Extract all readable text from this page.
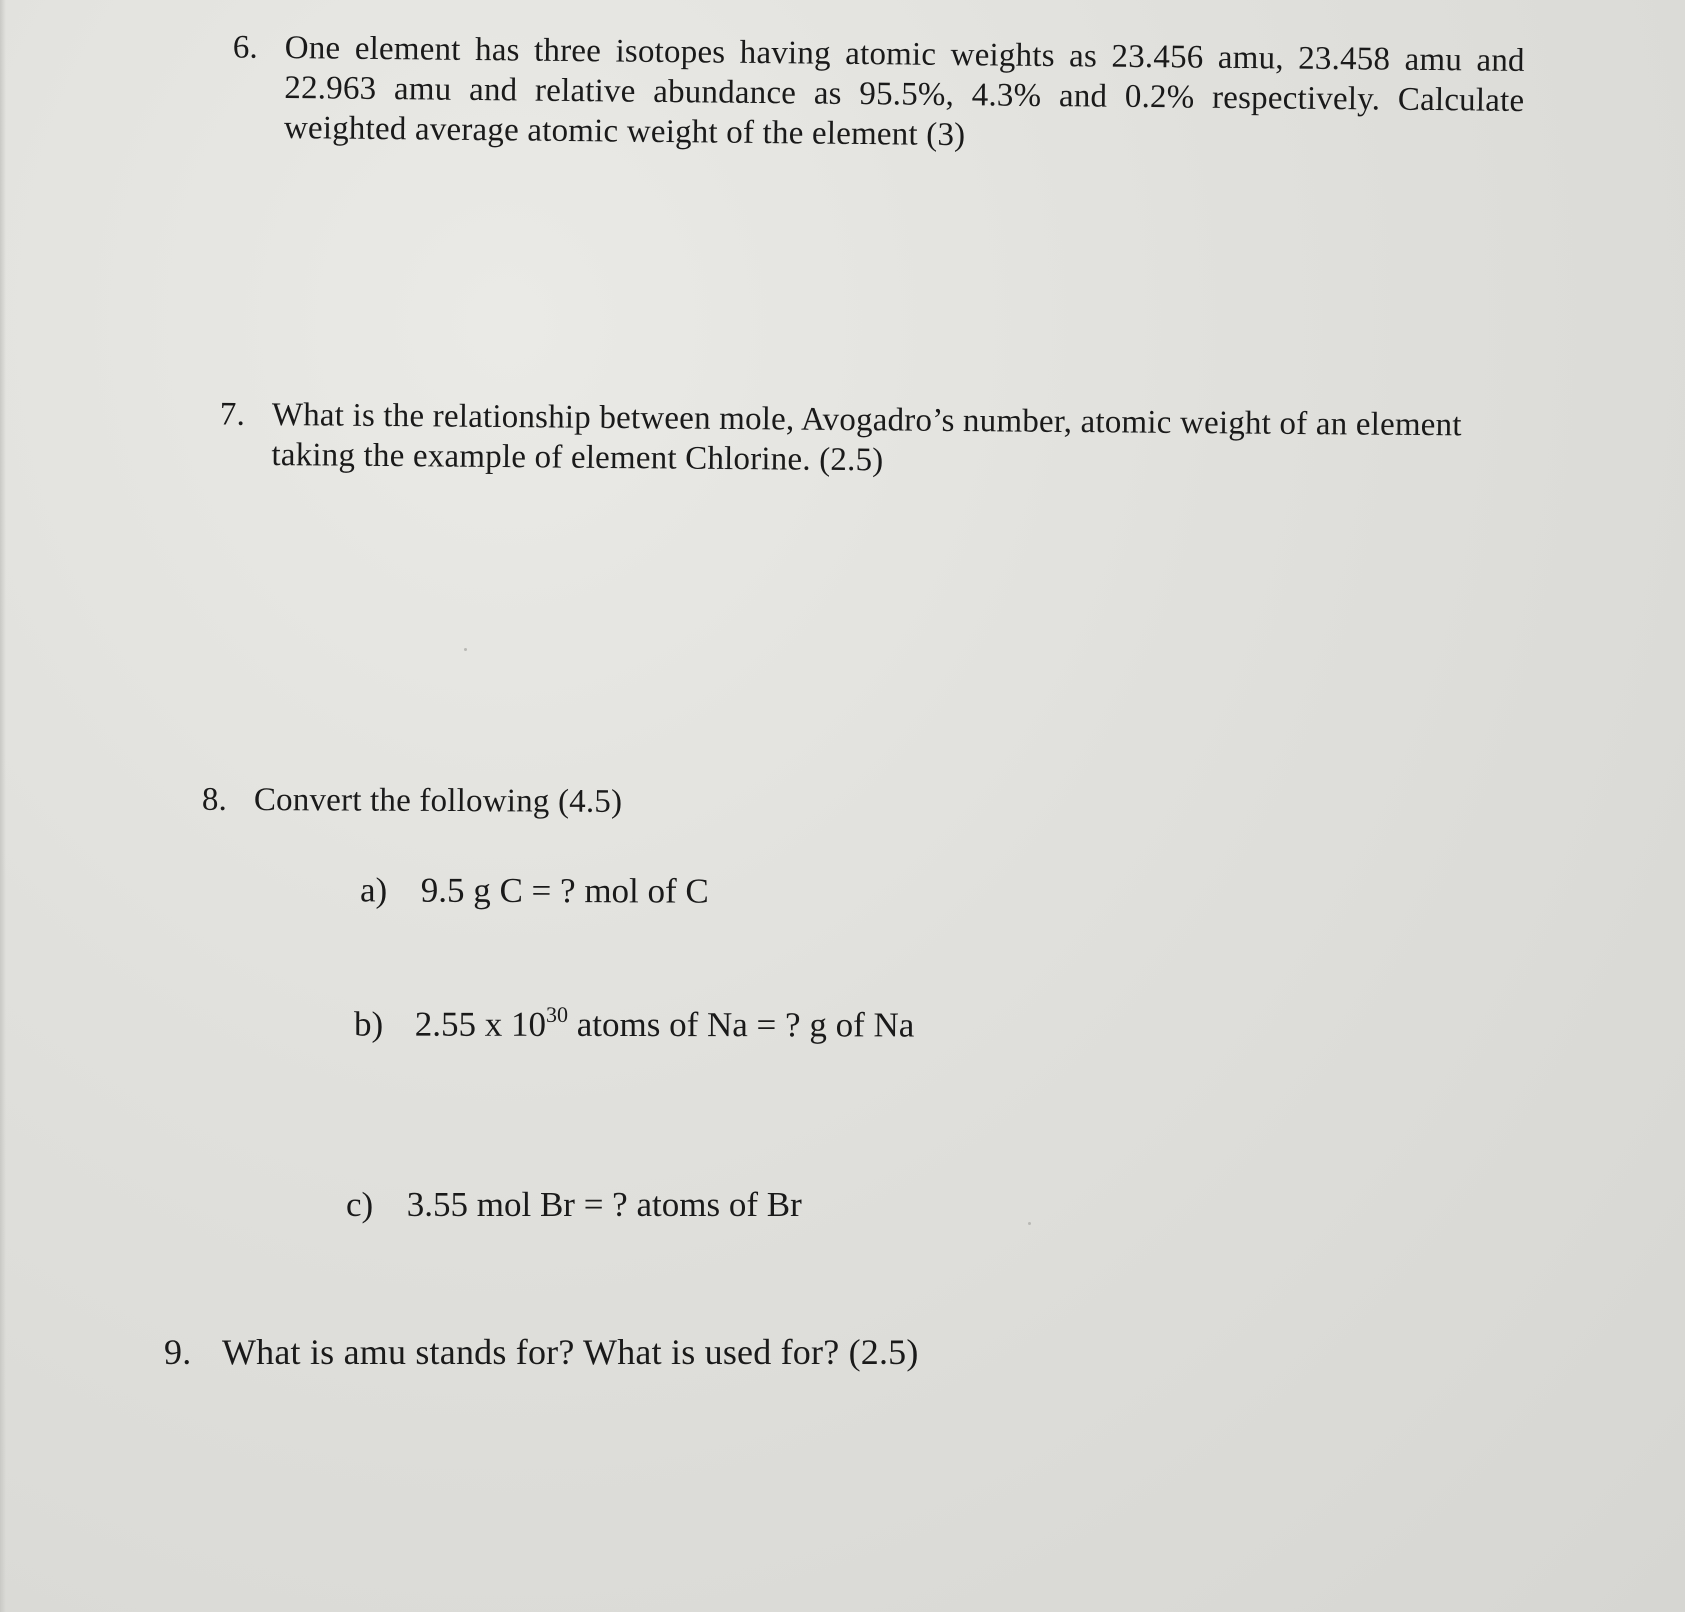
6. One element has three isotopes having atomic weights as 23.456 amu, 23.458 amu and 22.963 amu and relative abundance as 95.5%, 4.3% and 0.2% respectively. Calculate weighted average atomic weight of the element (3)
7. What is the relationship between mole, Avogadro’s number, atomic weight of an element taking the example of element Chlorine. (2.5)
8. Convert the following (4.5)
a) 9.5 g C = ? mol of C
b) 2.55 x $10^{30}$ atoms of Na = ? g of Na
c) 3.55 mol Br = ? atoms of Br
9. What is amu stands for? What is used for? (2.5)
